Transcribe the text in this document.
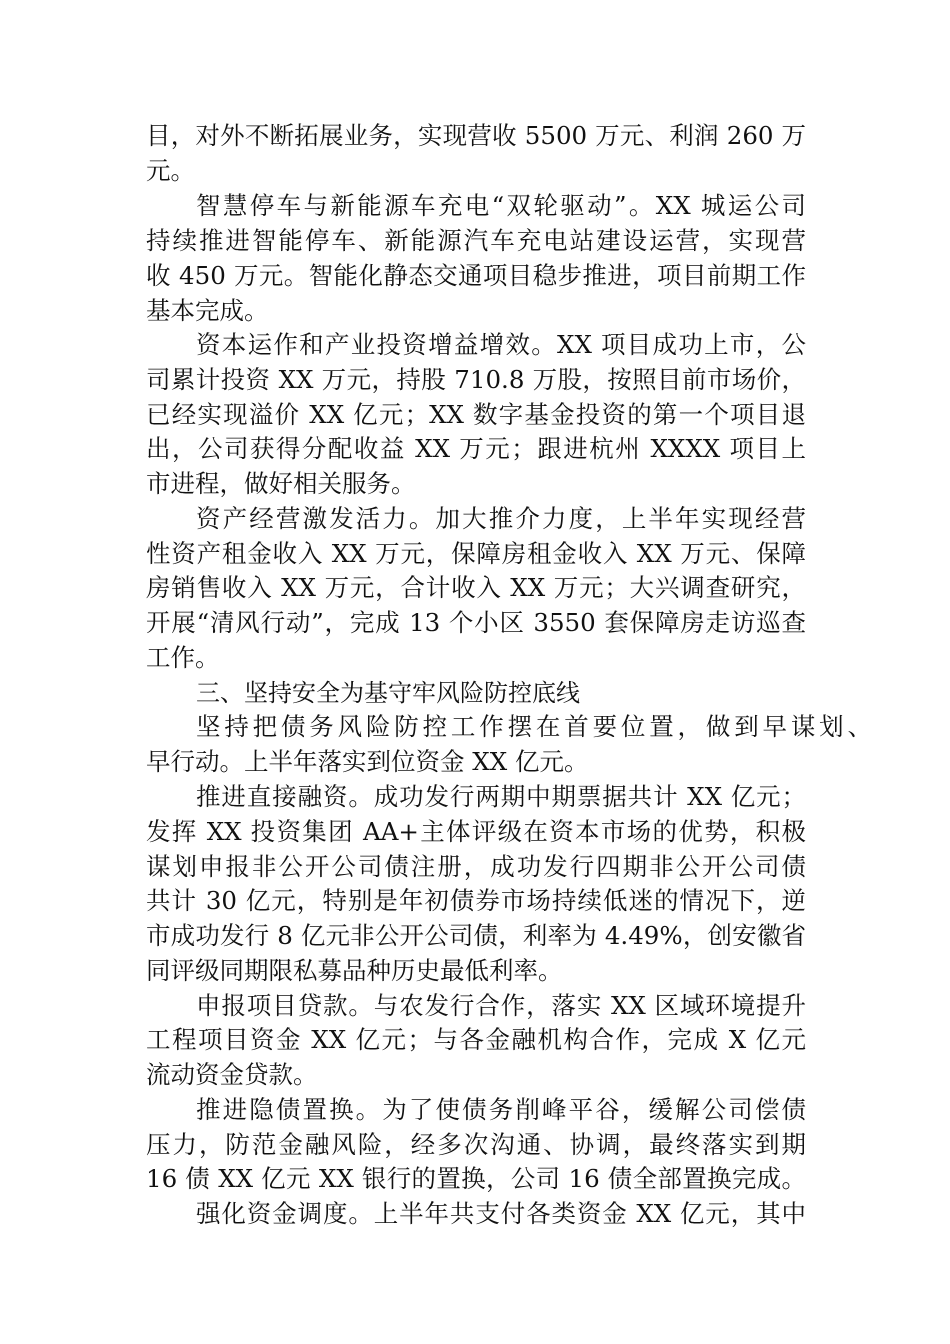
目，对外不断拓展业务，实现营收 5500 万元、利润 260 万
元。
智慧停车与新能源车充电“双轮驱动”。XX 城运公司
持续推进智能停车、新能源汽车充电站建设运营，实现营
收 450 万元。智能化静态交通项目稳步推进，项目前期工作
基本完成。
资本运作和产业投资增益增效。XX 项目成功上市，公
司累计投资 XX 万元，持股 710.8 万股，按照目前市场价，
已经实现溢价 XX 亿元；XX 数字基金投资的第一个项目退
出，公司获得分配收益 XX 万元；跟进杭州 XXXX 项目上
市进程，做好相关服务。
资产经营激发活力。加大推介力度，上半年实现经营
性资产租金收入 XX 万元，保障房租金收入 XX 万元、保障
房销售收入 XX 万元，合计收入 XX 万元；大兴调查研究，
开展“清风行动”，完成 13 个小区 3550 套保障房走访巡查
工作。
三、坚持安全为基守牢风险防控底线
坚持把债务风险防控工作摆在首要位置，做到早谋划、
早行动。上半年落实到位资金 XX 亿元。
推进直接融资。成功发行两期中期票据共计 XX 亿元；
发挥 XX 投资集团 AA+主体评级在资本市场的优势，积极
谋划申报非公开公司债注册，成功发行四期非公开公司债
共计 30 亿元，特别是年初债券市场持续低迷的情况下，逆
市成功发行 8 亿元非公开公司债，利率为 4.49%，创安徽省
同评级同期限私募品种历史最低利率。
申报项目贷款。与农发行合作，落实 XX 区域环境提升
工程项目资金 XX 亿元；与各金融机构合作，完成 X 亿元
流动资金贷款。
推进隐债置换。为了使债务削峰平谷，缓解公司偿债
压力，防范金融风险，经多次沟通、协调，最终落实到期
16 债 XX 亿元 XX 银行的置换，公司 16 债全部置换完成。
强化资金调度。上半年共支付各类资金 XX 亿元，其中
